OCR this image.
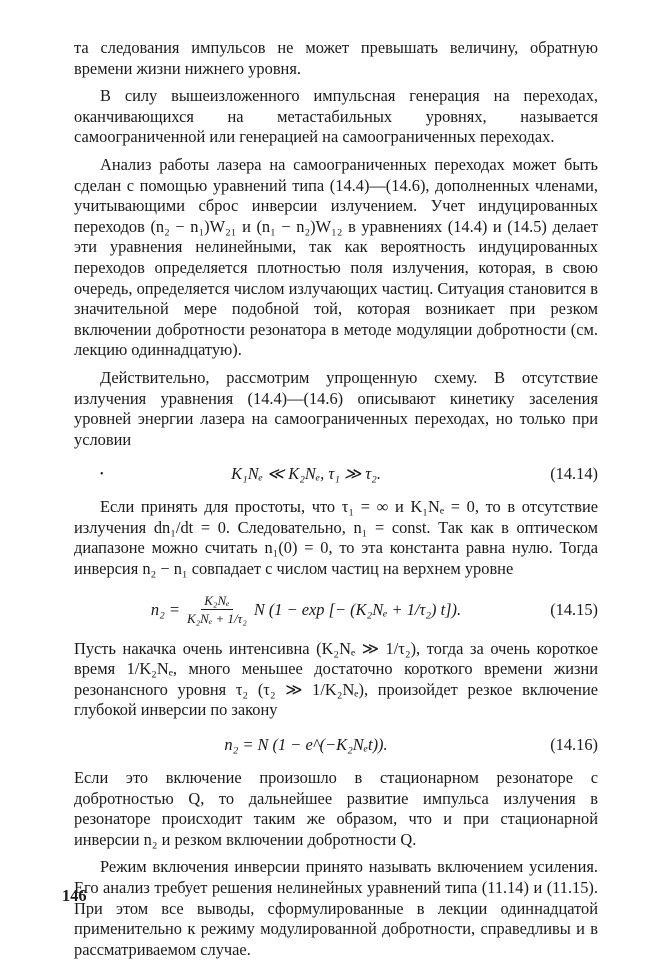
та следования импульсов не может превышать величину, обратную времени жизни нижнего уровня.

В силу вышеизложенного импульсная генерация на переходах, оканчивающихся на метастабильных уровнях, называется самоограниченной или генерацией на самоограниченных переходах.

Анализ работы лазера на самоограниченных переходах может быть сделан с помощью уравнений типа (14.4)—(14.6), дополненных членами, учитывающими сброс инверсии излучением. Учет индуцированных переходов (n₂ − n₁)W₂₁ и (n₁ − n₂)W₁₂ в уравнениях (14.4) и (14.5) делает эти уравнения нелинейными, так как вероятность индуцированных переходов определяется плотностью поля излучения, которая, в свою очередь, определяется числом излучающих частиц. Ситуация становится в значительной мере подобной той, которая возникает при резком включении добротности резонатора в методе модуляции добротности (см. лекцию одиннадцатую).

Действительно, рассмотрим упрощенную схему. В отсутствие излучения уравнения (14.4)—(14.6) описывают кинетику заселения уровней энергии лазера на самоограниченных переходах, но только при условии

•	K₁Nₑ ≪ K₂Nₑ, τ₁ ≫ τ₂.	(14.14)

Если принять для простоты, что τ₁ = ∞ и K₁Nₑ = 0, то в отсутствие излучения dn₁/dt = 0. Следовательно, n₁ = const. Так как в оптическом диапазоне можно считать n₁(0) = 0, то эта константа равна нулю. Тогда инверсия n₂ − n₁ совпадает с числом частиц на верхнем уровне

$n_2 = \frac{\text{K₂Nₑ}}{\text{K₂Nₑ + 1/τ₂}}$ N (1 − exp [− (K₂Nₑ + 1/τ₂) t]).	(14.15)

Пусть накачка очень интенсивна (K₂Nₑ ≫ 1/τ₂), тогда за очень короткое время 1/K₂Nₑ, много меньшее достаточно короткого времени жизни резонансного уровня τ₂ (τ₂ ≫ 1/K₂Nₑ), произойдет резкое включение глубокой инверсии по закону

n₂ = N (1 − e^(−K₂Nₑt)).	(14.16)

Если это включение произошло в стационарном резонаторе с добротностью Q, то дальнейшее развитие импульса излучения в резонаторе происходит таким же образом, что и при стационарной инверсии n₂ и резком включении добротности Q.

Режим включения инверсии принято называть включением усиления. Его анализ требует решения нелинейных уравнений типа (11.14) и (11.15). При этом все выводы, сформулированные в лекции одиннадцатой применительно к режиму модулированной добротности, справедливы и в рассматриваемом случае.

146
